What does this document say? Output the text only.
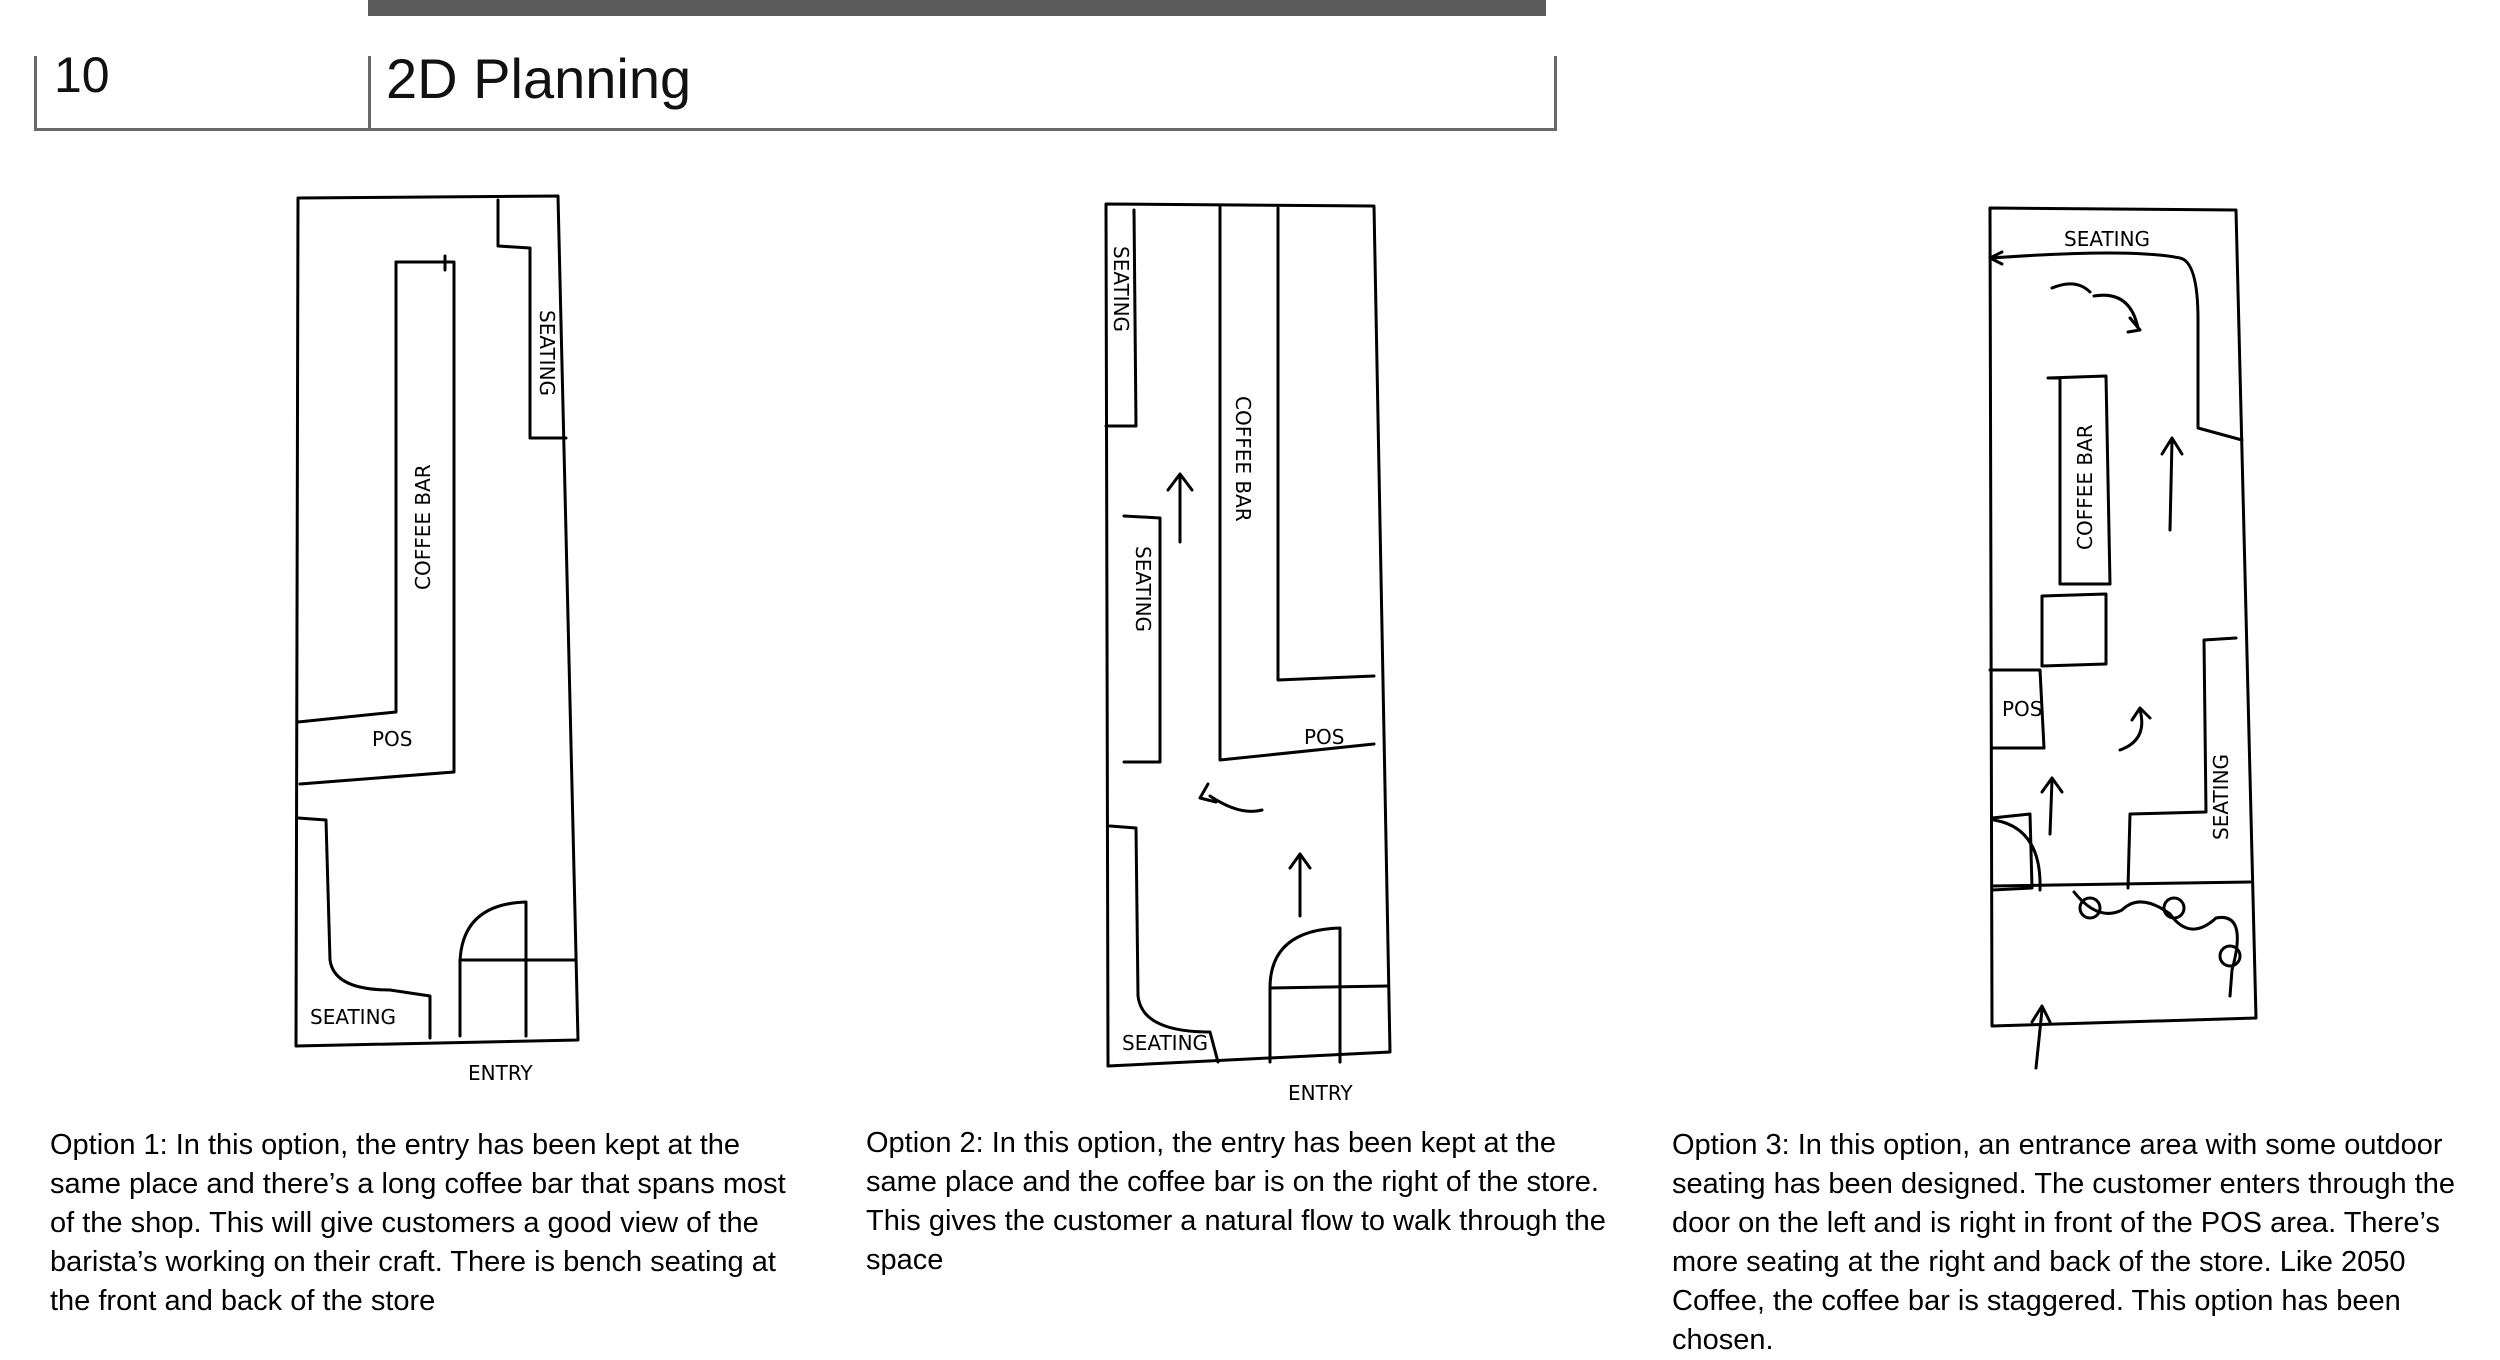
10	2D Planning
COFFEE BAR
SEATING
POS
SEATING
ENTRY
SEATING
COFFEE BAR
SEATING
POS
SEATING
ENTRY
SEATING
COFFEE BAR
POS
SEATING
Option 1: In this option, the entry has been kept at the same place and there’s a long coffee bar that spans most of the shop. This will give customers a good view of the barista’s working on their craft. There is bench seating at the front and back of the store
Option 2: In this option, the entry has been kept at the same place and the coffee bar is on the right of the store. This gives the customer a natural flow to walk through the space
Option 3: In this option, an entrance area with some outdoor seating has been designed. The customer enters through the door on the left and is right in front of the POS area. There’s more seating at the right and back of the store. Like 2050 Coffee, the coffee bar is staggered. This option has been chosen.
